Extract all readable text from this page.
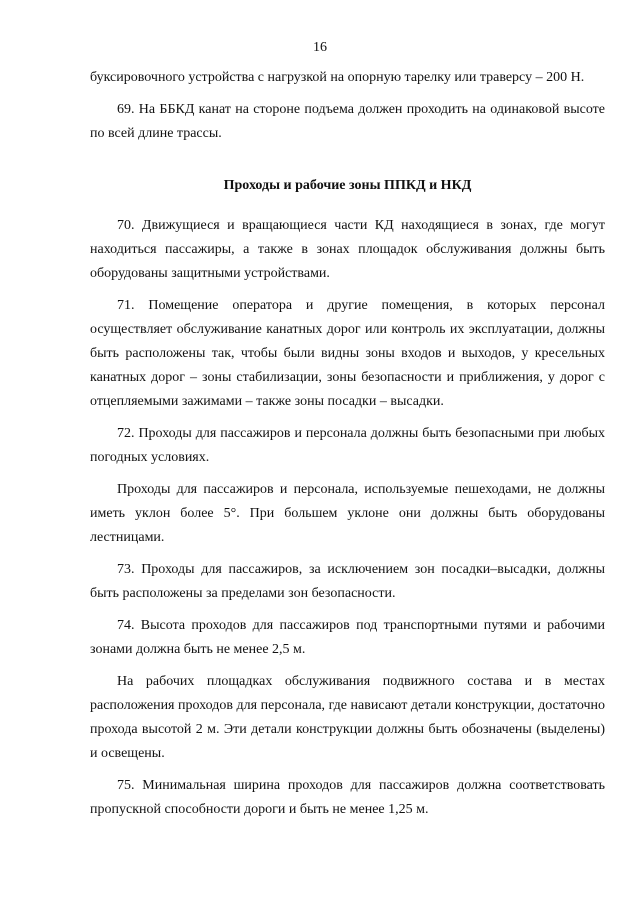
16

буксировочного устройства с нагрузкой на опорную тарелку или траверсу – 200 Н.

69. На ББКД канат на стороне подъема должен проходить на одинаковой высоте по всей длине трассы.

Проходы и рабочие зоны ППКД и НКД

70. Движущиеся и вращающиеся части КД находящиеся в зонах, где могут находиться пассажиры, а также в зонах площадок обслуживания должны быть оборудованы защитными устройствами.

71. Помещение оператора и другие помещения, в которых персонал осуществляет обслуживание канатных дорог или контроль их эксплуатации, должны быть расположены так, чтобы были видны зоны входов и выходов, у кресельных канатных дорог – зоны стабилизации, зоны безопасности и приближения, у дорог с отцепляемыми зажимами – также зоны посадки – высадки.

72. Проходы для пассажиров и персонала должны быть безопасными при любых погодных условиях.

Проходы для пассажиров и персонала, используемые пешеходами, не должны иметь уклон более 5°. При большем уклоне они должны быть оборудованы лестницами.

73. Проходы для пассажиров, за исключением зон посадки–высадки, должны быть расположены за пределами зон безопасности.

74. Высота проходов для пассажиров под транспортными путями и рабочими зонами должна быть не менее 2,5 м.

На рабочих площадках обслуживания подвижного состава и в местах расположения проходов для персонала, где нависают детали конструкции, достаточно прохода высотой 2 м. Эти детали конструкции должны быть обозначены (выделены) и освещены.

75. Минимальная ширина проходов для пассажиров должна соответствовать пропускной способности дороги и быть не менее 1,25 м.
